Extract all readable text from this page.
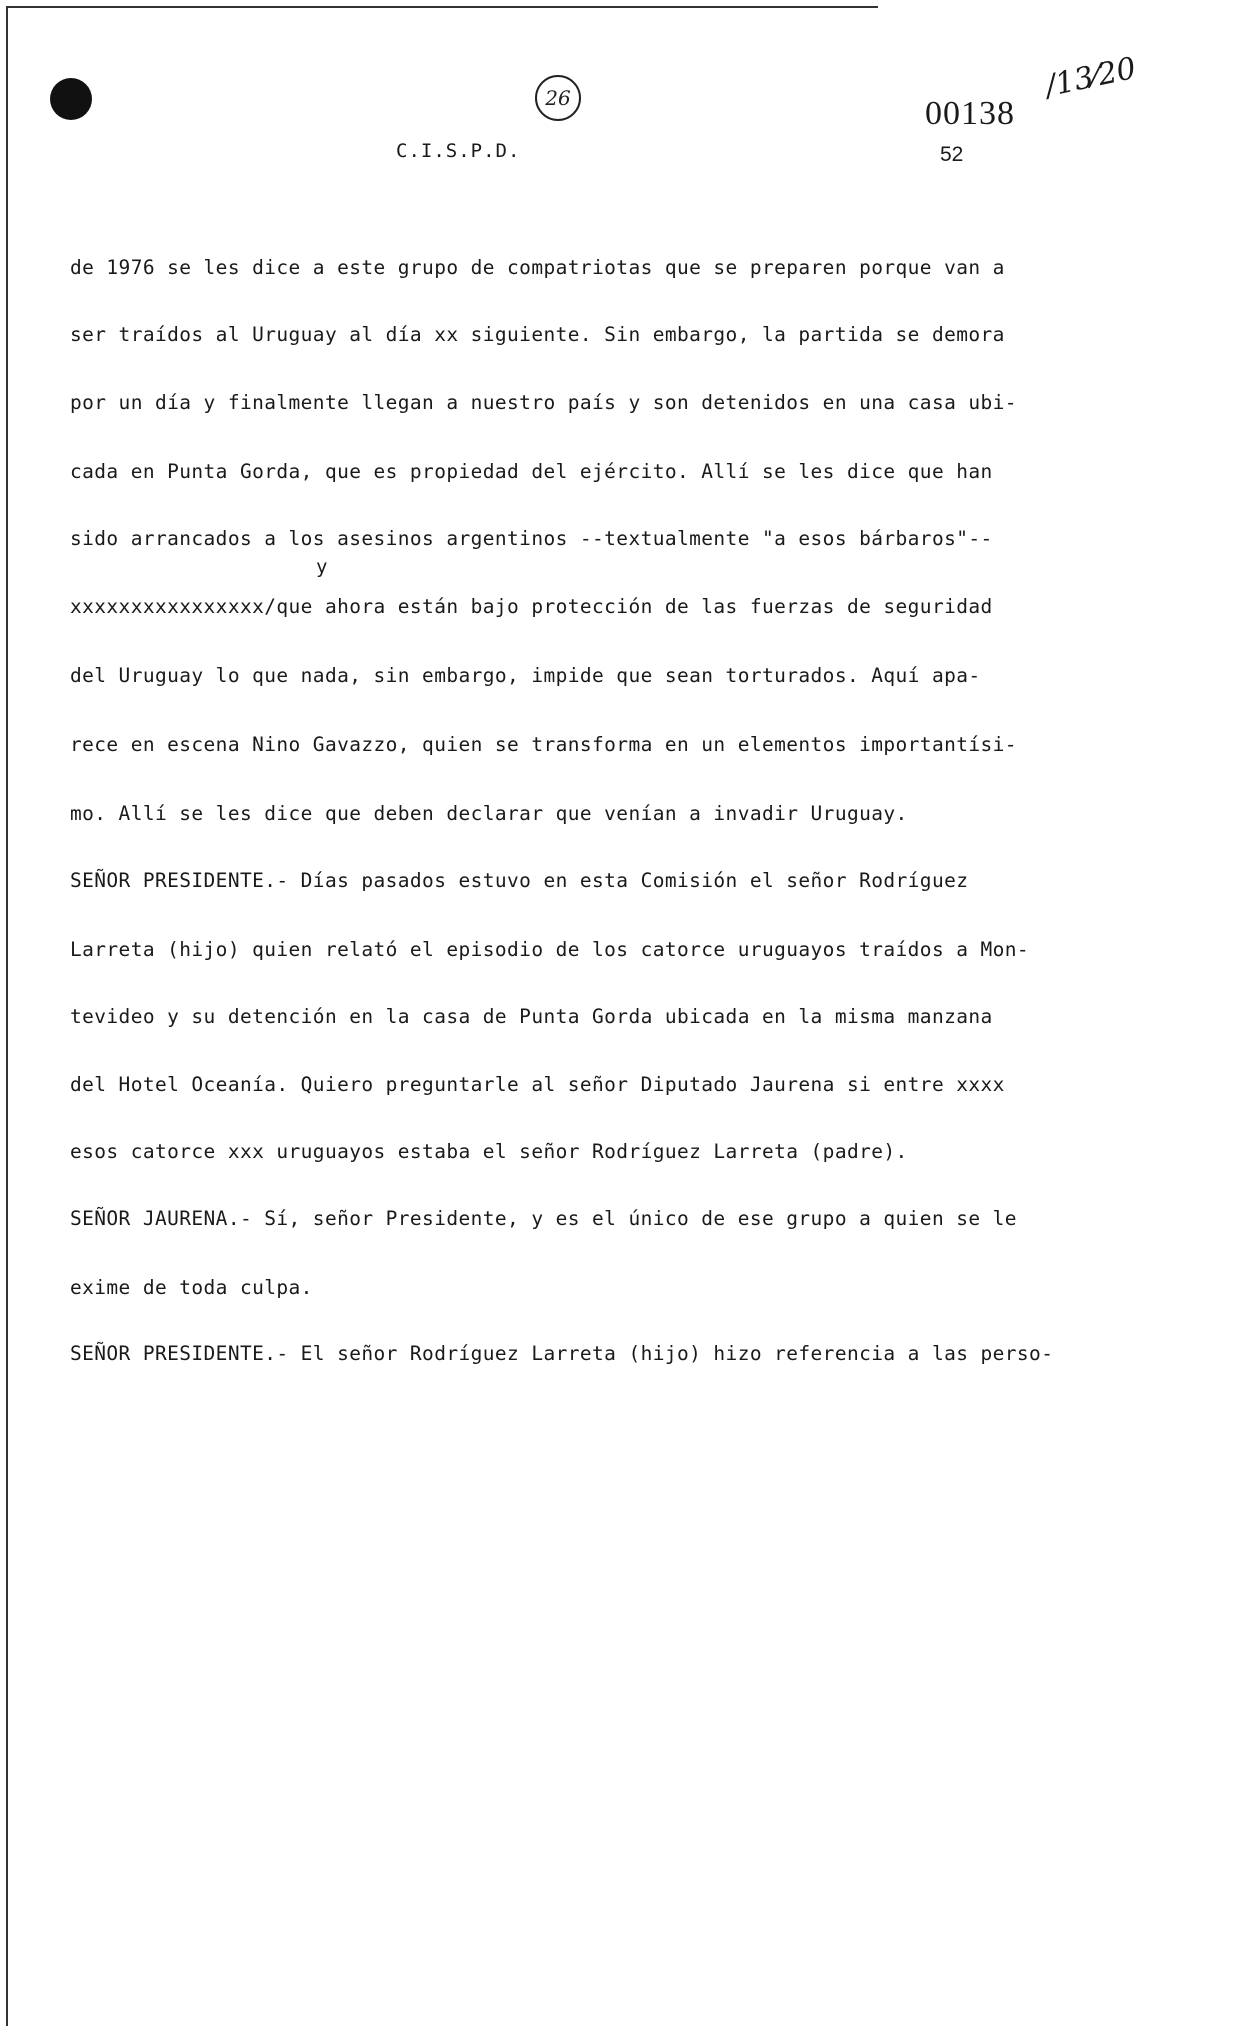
26
C.I.S.P.D.
00138
/13⁄20
52
de 1976 se les dice a este grupo de compatriotas que se preparen porque van a
ser traídos al Uruguay al día xx siguiente. Sin embargo, la partida se demora
por un día y finalmente llegan a nuestro país y son detenidos en una casa ubi-
cada en Punta Gorda, que es propiedad del ejército. Allí se les dice que han
sido arrancados a los asesinos argentinos --textualmente "a esos bárbaros"--
y
xxxxxxxxxxxxxxxx/que ahora están bajo protección de las fuerzas de seguridad
del Uruguay lo que nada, sin embargo, impide que sean torturados. Aquí apa-
rece en escena Nino Gavazzo, quien se transforma en un elementos importantísi-
mo. Allí se les dice que deben declarar que venían a invadir Uruguay.
SEÑOR PRESIDENTE.- Días pasados estuvo en esta Comisión el señor Rodríguez
Larreta (hijo) quien relató el episodio de los catorce uruguayos traídos a Mon-
tevideo y su detención en la casa de Punta Gorda ubicada en la misma manzana
del Hotel Oceanía. Quiero preguntarle al señor Diputado Jaurena si entre xxxx
esos catorce xxx uruguayos estaba el señor Rodríguez Larreta (padre).
SEÑOR JAURENA.- Sí, señor Presidente, y es el único de ese grupo a quien se le
exime de toda culpa.
SEÑOR PRESIDENTE.- El señor Rodríguez Larreta (hijo) hizo referencia a las perso-
